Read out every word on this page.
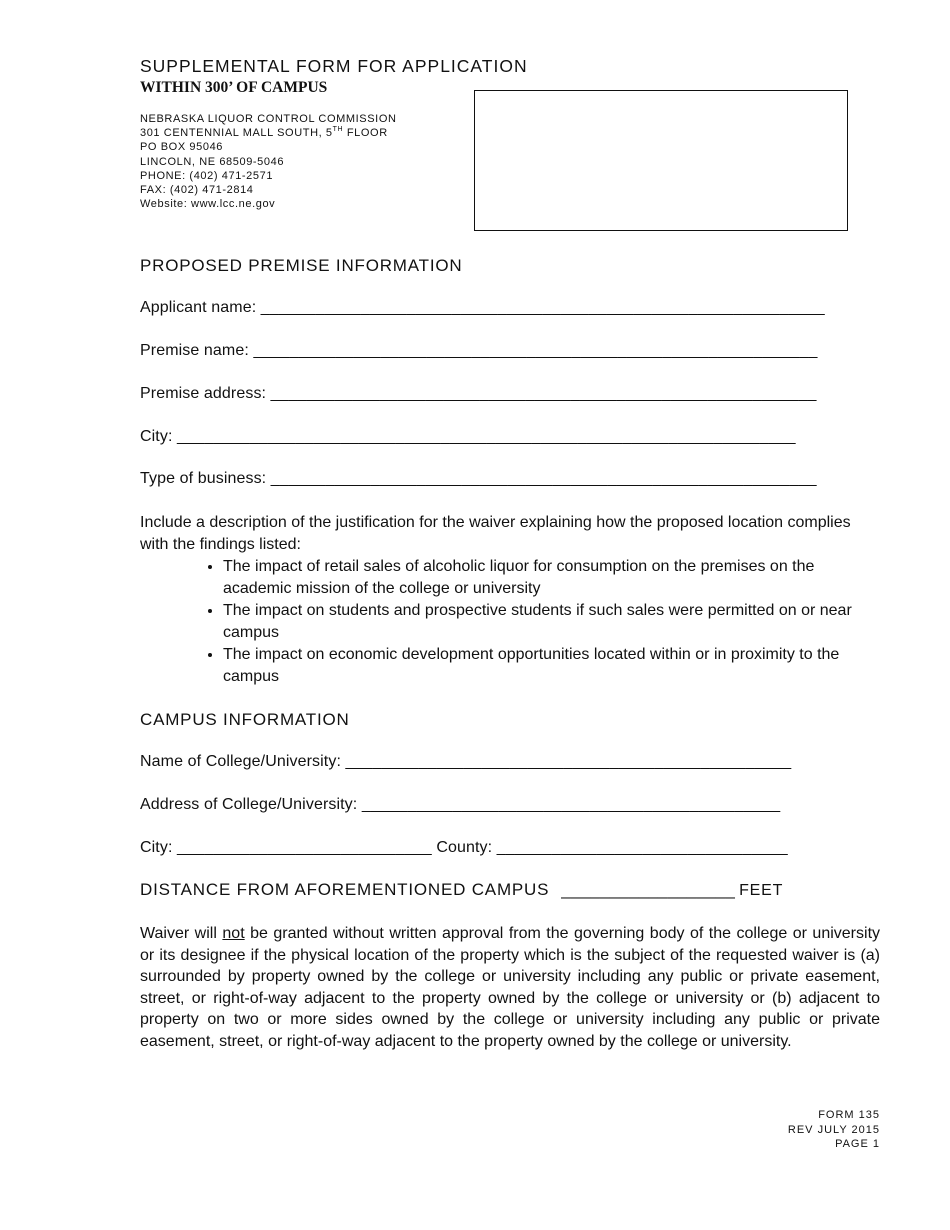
SUPPLEMENTAL FORM FOR APPLICATION
WITHIN 300’ OF CAMPUS
NEBRASKA LIQUOR CONTROL COMMISSION
301 CENTENNIAL MALL SOUTH, 5TH FLOOR
PO BOX 95046
LINCOLN, NE 68509-5046
PHONE: (402) 471-2571
FAX: (402) 471-2814
Website: www.lcc.ne.gov
PROPOSED PREMISE INFORMATION
Applicant name: ______________________________________________________________
Premise name: ______________________________________________________________
Premise address: ____________________________________________________________
City: ____________________________________________________________________
Type of business: ____________________________________________________________
Include a description of the justification for the waiver explaining how the proposed location complies with the findings listed:
• The impact of retail sales of alcoholic liquor for consumption on the premises on the academic mission of the college or university
• The impact on students and prospective students if such sales were permitted on or near campus
• The impact on economic development opportunities located within or in proximity to the campus
CAMPUS INFORMATION
Name of College/University: _________________________________________________
Address of College/University: ______________________________________________
City: ____________________________ County: ________________________________
DISTANCE FROM AFOREMENTIONED CAMPUS __________________ FEET
Waiver will not be granted without written approval from the governing body of the college or university or its designee if the physical location of the property which is the subject of the requested waiver is (a) surrounded by property owned by the college or university including any public or private easement, street, or right-of-way adjacent to the property owned by the college or university or (b) adjacent to property on two or more sides owned by the college or university including any public or private easement, street, or right-of-way adjacent to the property owned by the college or university.
FORM 135
REV JULY 2015
PAGE 1
